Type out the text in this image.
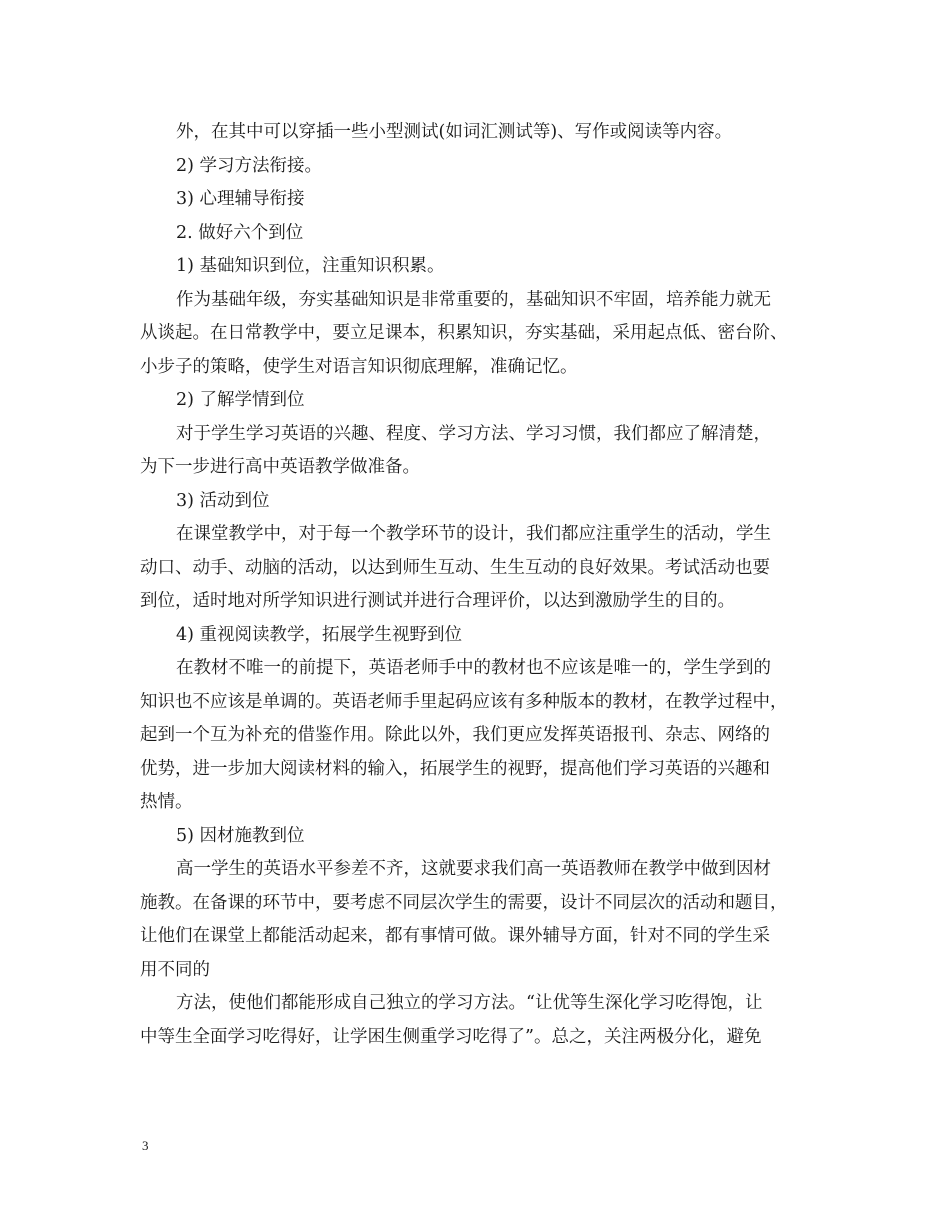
外，在其中可以穿插一些小型测试(如词汇测试等)、写作或阅读等内容。
2) 学习方法衔接。
3) 心理辅导衔接
2. 做好六个到位
1) 基础知识到位，注重知识积累。
作为基础年级，夯实基础知识是非常重要的，基础知识不牢固，培养能力就无
从谈起。在日常教学中，要立足课本，积累知识，夯实基础，采用起点低、密台阶、
小步子的策略，使学生对语言知识彻底理解，准确记忆。
2) 了解学情到位
对于学生学习英语的兴趣、程度、学习方法、学习习惯，我们都应了解清楚，
为下一步进行高中英语教学做准备。
3) 活动到位
在课堂教学中，对于每一个教学环节的设计，我们都应注重学生的活动，学生
动口、动手、动脑的活动，以达到师生互动、生生互动的良好效果。考试活动也要
到位，适时地对所学知识进行测试并进行合理评价，以达到激励学生的目的。
4) 重视阅读教学，拓展学生视野到位
在教材不唯一的前提下，英语老师手中的教材也不应该是唯一的，学生学到的
知识也不应该是单调的。英语老师手里起码应该有多种版本的教材，在教学过程中，
起到一个互为补充的借鉴作用。除此以外，我们更应发挥英语报刊、杂志、网络的
优势，进一步加大阅读材料的输入，拓展学生的视野，提高他们学习英语的兴趣和
热情。
5) 因材施教到位
高一学生的英语水平参差不齐，这就要求我们高一英语教师在教学中做到因材
施教。在备课的环节中，要考虑不同层次学生的需要，设计不同层次的活动和题目，
让他们在课堂上都能活动起来，都有事情可做。课外辅导方面，针对不同的学生采
用不同的
方法，使他们都能形成自己独立的学习方法。“让优等生深化学习吃得饱，让
中等生全面学习吃得好，让学困生侧重学习吃得了”。总之，关注两极分化，避免
3
